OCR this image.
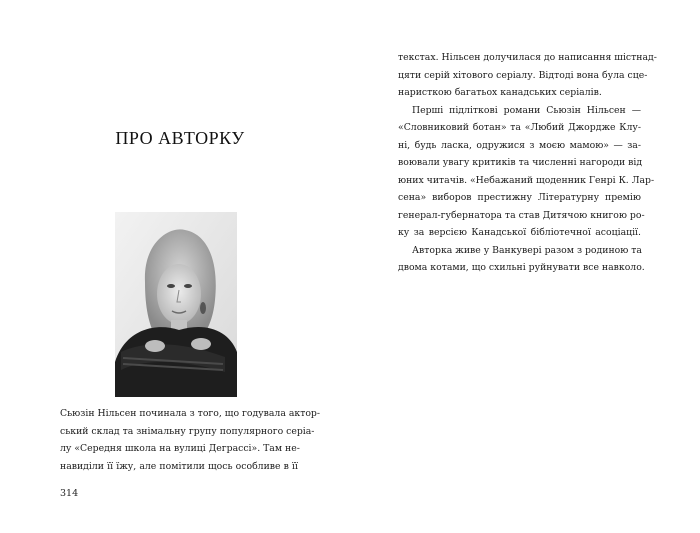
ПРО АВТОРКУ

Сьюзін Нільсен починала з того, що годувала актор-
ський склад та знімальну групу популярного серіа-
лу «Середня школа на вулиці Деграссі». Там не-
навиділи її їжу, але помітили щось особливе в її

314

текстах. Нільсен долучилася до написання шістнад-
цяти серій хітового серіалу. Відтоді вона була сце-
наристкою багатьох канадських серіалів.

Перші підліткові романи Сьюзін Нільсен —
«Словниковий ботан» та «Любий Джордже Клу-
ні, будь ласка, одружися з моєю мамою» — за-
воювали увагу критиків та численні нагороди від
юних читачів. «Небажаний щоденник Генрі К. Лар-
сена» виборов престижну Літературну премію
генерал-губернатора та став Дитячою книгою ро-
ку за версією Канадської бібліотечної асоціації.

Авторка живе у Ванкувері разом з родиною та
двома котами, що схильні руйнувати все навколо.
